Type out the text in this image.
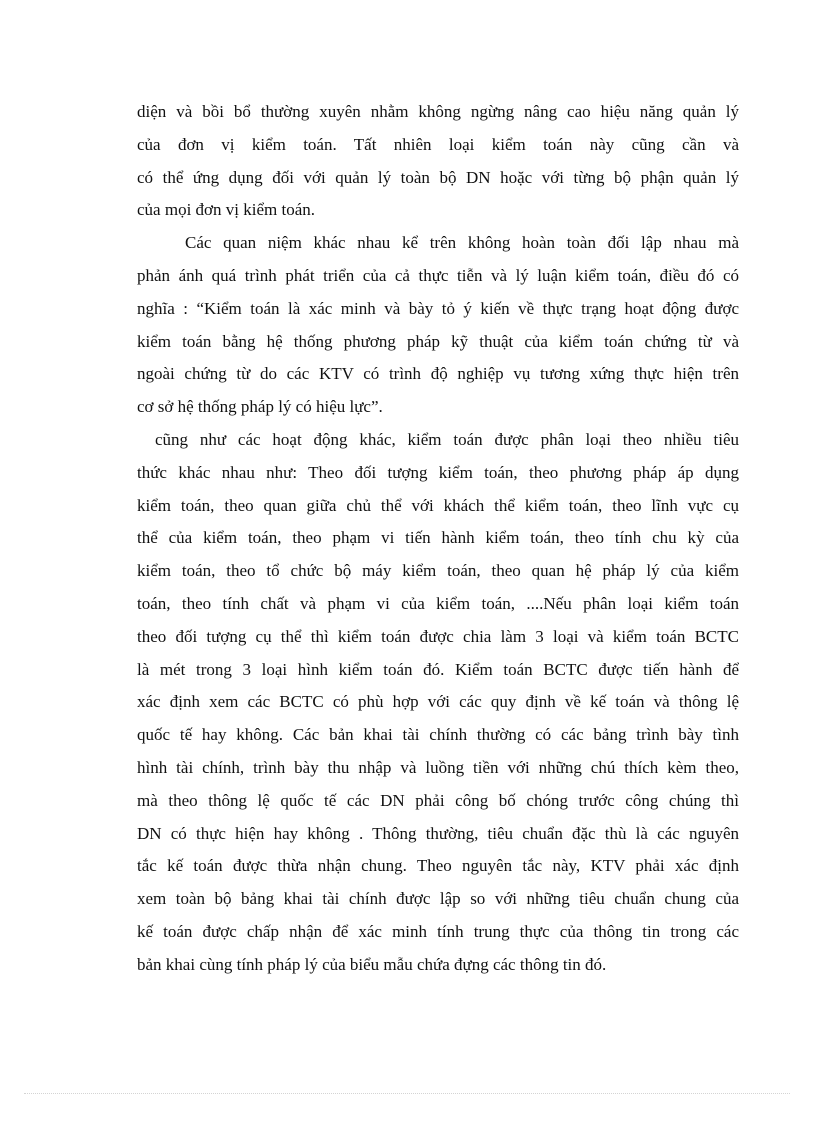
diện và bồi bổ thường xuyên nhằm không ngừng nâng cao hiệu năng quản lý
của đơn vị kiểm toán. Tất nhiên loại kiểm toán này cũng cần và
có thể ứng dụng đối với quản lý toàn bộ DN hoặc với từng bộ phận quản lý
của mọi đơn vị kiểm toán.

Các quan niệm khác nhau kể trên không hoàn toàn đối lập nhau mà
phản ánh quá trình phát triển của cả thực tiễn và lý luận kiểm toán, điều đó có
nghĩa : “Kiểm toán là xác minh và bày tỏ ý kiến về thực trạng hoạt động được
kiểm toán bằng hệ thống phương pháp kỹ thuật của kiểm toán chứng từ và
ngoài chứng từ do các KTV có trình độ nghiệp vụ tương xứng thực hiện trên
cơ sở hệ thống pháp lý có hiệu lực”.

cũng như các hoạt động khác, kiểm toán được phân loại theo nhiều tiêu
thức khác nhau như: Theo đối tượng kiểm toán, theo phương pháp áp dụng
kiểm toán, theo quan giữa chủ thể với khách thể kiểm toán, theo lĩnh vực cụ
thể của kiểm toán, theo phạm vi tiến hành kiểm toán, theo tính chu kỳ của
kiểm toán, theo tổ chức bộ máy kiểm toán, theo quan hệ pháp lý của kiểm
toán, theo tính chất và phạm vi của kiểm toán, ....Nếu phân loại kiểm toán
theo đối tượng cụ thể thì kiểm toán được chia làm 3 loại và kiểm toán BCTC
là mét trong 3 loại hình kiểm toán đó. Kiểm toán BCTC được tiến hành để
xác định xem các BCTC có phù hợp với các quy định về kế toán và thông lệ
quốc tế hay không. Các bản khai tài chính thường có các bảng trình bày tình
hình tài chính, trình bày thu nhập và luồng tiền với những chú thích kèm theo,
mà theo thông lệ quốc tế các DN phải công bố chóng trước công chúng thì
DN có thực hiện hay không . Thông thường, tiêu chuẩn đặc thù là các nguyên
tắc kế toán được thừa nhận chung. Theo nguyên tắc này, KTV phải xác định
xem toàn bộ bảng khai tài chính được lập so với những tiêu chuẩn chung của
kế toán được chấp nhận để xác minh tính trung thực của thông tin trong các
bản khai cùng tính pháp lý của biểu mẫu chứa đựng các thông tin đó.
